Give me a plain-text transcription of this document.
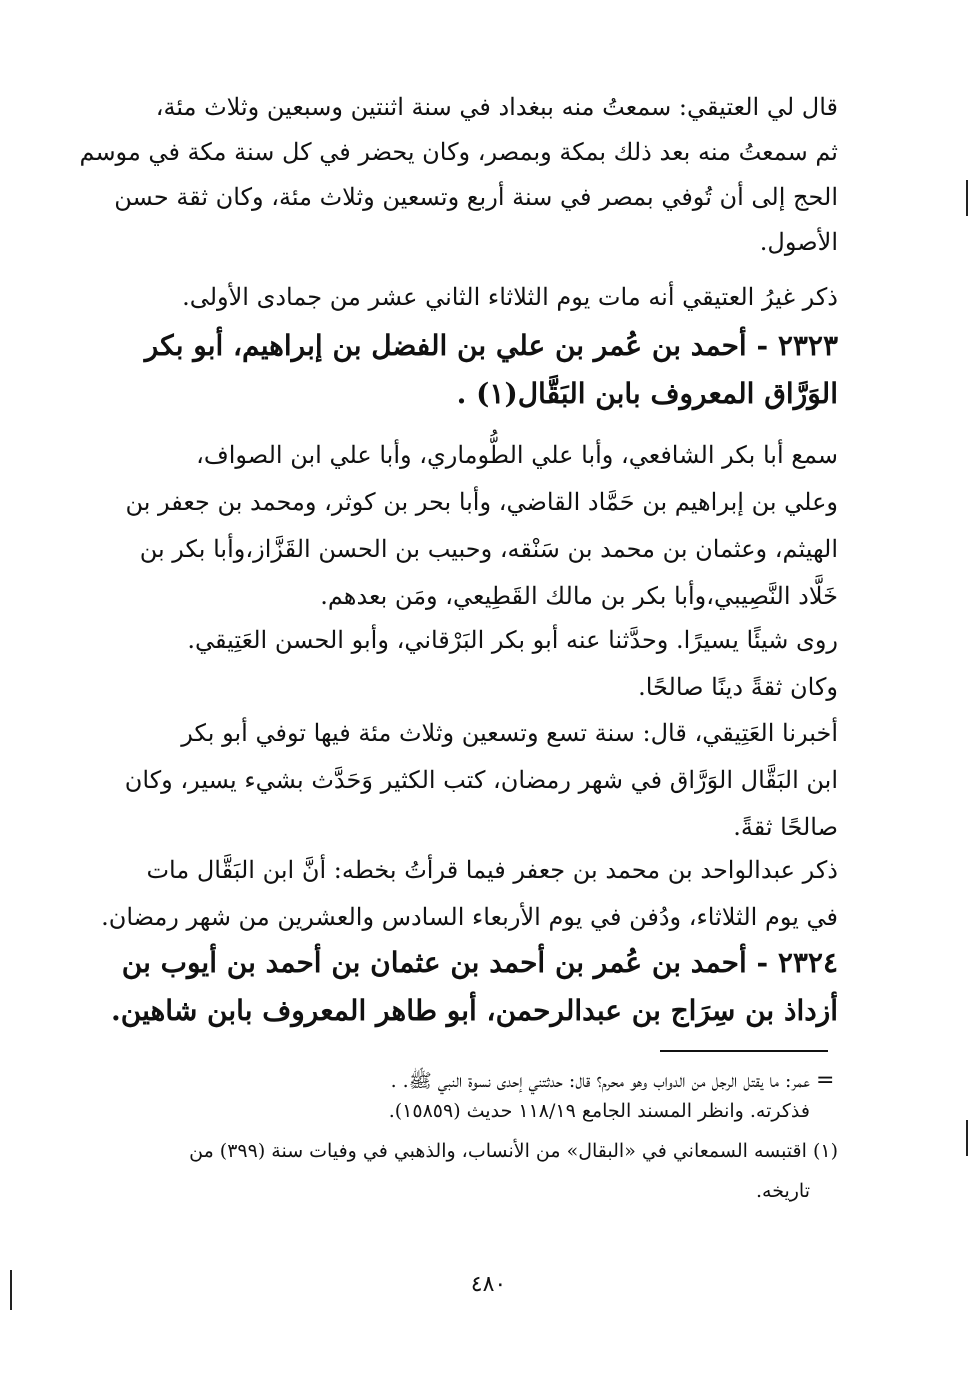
قال لي العتيقي: سمعتُ منه ببغداد في سنة اثنتين وسبعين وثلاث مئة،
ثم سمعتُ منه بعد ذلك بمكة وبمصر، وكان يحضر في كل سنة مكة في موسم
الحج إلى أن تُوفي بمصر في سنة أربع وتسعين وثلاث مئة، وكان ثقة حسن
الأصول.
ذكر غيرُ العتيقي أنه مات يوم الثلاثاء الثاني عشر من جمادى الأولى.
٢٣٢٣ - أحمد بن عُمر بن علي بن الفضل بن إبراهيم، أبو بكر
الوَرَّاق المعروف بابن البَقَّال(١) .
سمع أبا بكر الشافعي، وأبا علي الطُّوماري، وأبا علي ابن الصواف،
وعلي بن إبراهيم بن حَمَّاد القاضي، وأبا بحر بن كوثر، ومحمد بن جعفر بن
الهيثم، وعثمان بن محمد بن سَنْقه، وحبيب بن الحسن القَزَّاز،وأبا بكر بن
خَلَّاد النَّصِيبي،وأبا بكر بن مالك القَطِيعي، ومَن بعدهم.
روى شيئًا يسيرًا. وحدَّثنا عنه أبو بكر البَرْقاني، وأبو الحسن العَتِيقي.
وكان ثقةً دينًا صالحًا.
أخبرنا العَتِيقي، قال: سنة تسع وتسعين وثلاث مئة فيها توفي أبو بكر
ابن البَقَّال الوَرَّاق في شهر رمضان، كتب الكثير وَحَدَّث بشيء يسير، وكان
صالحًا ثقةً.
ذكر عبدالواحد بن محمد بن جعفر فيما قرأتُ بخطه: أنَّ ابن البَقَّال مات
في يوم الثلاثاء، ودُفن في يوم الأربعاء السادس والعشرين من شهر رمضان.
٢٣٢٤ - أحمد بن عُمر بن أحمد بن عثمان بن أحمد بن أيوب بن
أزداذ بن سِرَاج بن عبدالرحمن، أبو طاهر المعروف بابن شاهين.
=
عمر: ما يقتل الرجل من الدواب وهو محرم؟ قال: حدثتني إحدى نسوة النبي ﷺ. .
فذكرته. وانظر المسند الجامع ١١٨/١٩ حديث (١٥٨٥٩).
(١) اقتبسه السمعاني في «البقال» من الأنساب، والذهبي في وفيات سنة (٣٩٩) من
تاريخه.
٤٨٠
